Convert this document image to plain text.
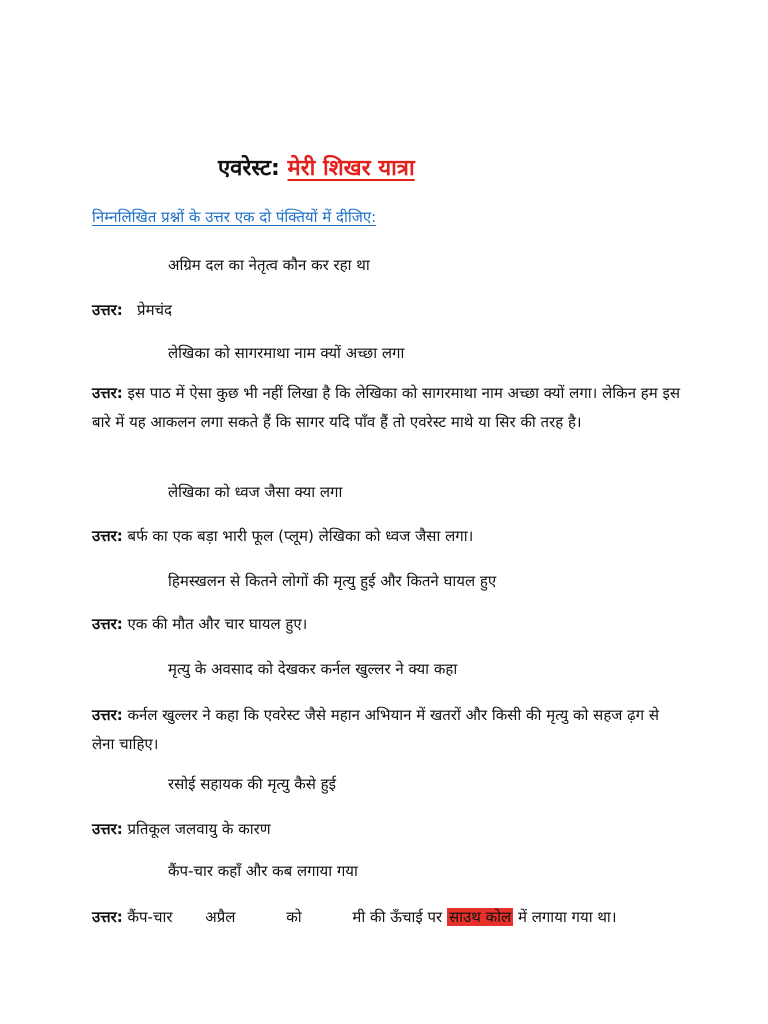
एवरेस्ट: मेरी शिखर यात्रा
निम्नलिखित प्रश्नों के उत्तर एक दो पंक्तियों में दीजिए:
अग्रिम दल का नेतृत्व कौन कर रहा था
उत्तर: प्रेमचंद
लेखिका को सागरमाथा नाम क्यों अच्छा लगा
उत्तर: इस पाठ में ऐसा कुछ भी नहीं लिखा है कि लेखिका को सागरमाथा नाम अच्छा क्यों लगा। लेकिन हम इस बारे में यह आकलन लगा सकते हैं कि सागर यदि पाँव हैं तो एवरेस्ट माथे या सिर की तरह है।
लेखिका को ध्वज जैसा क्या लगा
उत्तर: बर्फ का एक बड़ा भारी फूल (प्लूम) लेखिका को ध्वज जैसा लगा।
हिमस्खलन से कितने लोगों की मृत्यु हुई और कितने घायल हुए
उत्तर: एक की मौत और चार घायल हुए।
मृत्यु के अवसाद को देखकर कर्नल खुल्लर ने क्या कहा
उत्तर: कर्नल खुल्लर ने कहा कि एवरेस्ट जैसे महान अभियान में खतरों और किसी की मृत्यु को सहज ढ़ग से लेना चाहिए।
रसोई सहायक की मृत्यु कैसे हुई
उत्तर: प्रतिकूल जलवायु के कारण
कैंप-चार कहाँ और कब लगाया गया
उत्तर: कैंप-चार अप्रैल	को	मी की ऊँचाई पर साउथ कोल में लगाया गया था।
